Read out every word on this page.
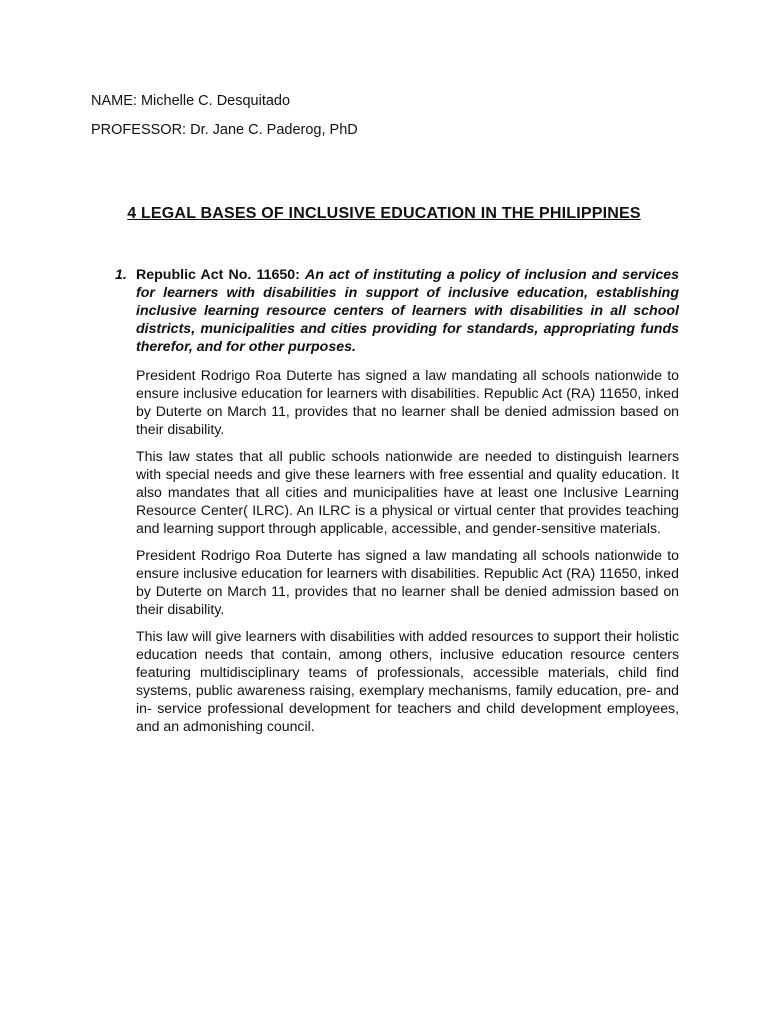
NAME: Michelle C. Desquitado
PROFESSOR: Dr. Jane C. Paderog, PhD
4 LEGAL BASES OF INCLUSIVE EDUCATION IN THE PHILIPPINES
1. Republic Act No. 11650: An act of instituting a policy of inclusion and services for learners with disabilities in support of inclusive education, establishing inclusive learning resource centers of learners with disabilities in all school districts, municipalities and cities providing for standards, appropriating funds therefor, and for other purposes.

President Rodrigo Roa Duterte has signed a law mandating all schools nationwide to ensure inclusive education for learners with disabilities. Republic Act (RA) 11650, inked by Duterte on March 11, provides that no learner shall be denied admission based on their disability.

This law states that all public schools nationwide are needed to distinguish learners with special needs and give these learners with free essential and quality education. It also mandates that all cities and municipalities have at least one Inclusive Learning Resource Center( ILRC). An ILRC is a physical or virtual center that provides teaching and learning support through applicable, accessible, and gender-sensitive materials.

President Rodrigo Roa Duterte has signed a law mandating all schools nationwide to ensure inclusive education for learners with disabilities. Republic Act (RA) 11650, inked by Duterte on March 11, provides that no learner shall be denied admission based on their disability.

This law will give learners with disabilities with added resources to support their holistic education needs that contain, among others, inclusive education resource centers featuring multidisciplinary teams of professionals, accessible materials, child find systems, public awareness raising, exemplary mechanisms, family education, pre- and in- service professional development for teachers and child development employees, and an admonishing council.
